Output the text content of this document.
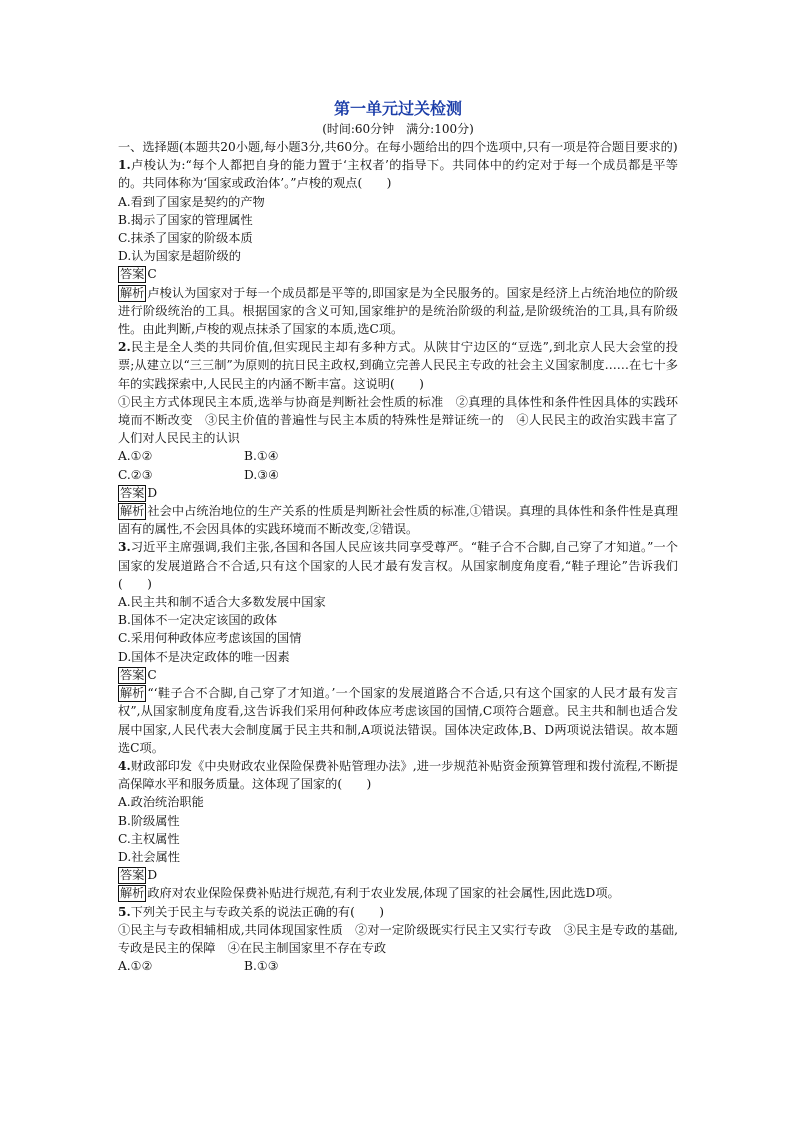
第一单元过关检测
(时间:60分钟　满分:100分)

一、选择题(本题共20小题,每小题3分,共60分。在每小题给出的四个选项中,只有一项是符合题目要求的)

1.卢梭认为:“每个人都把自身的能力置于‘主权者’的指导下。共同体中的约定对于每一个成员都是平等的。共同体称为‘国家或政治体’。”卢梭的观点(　　)

A.看到了国家是契约的产物

B.揭示了国家的管理属性

C.抹杀了国家的阶级本质

D.认为国家是超阶级的

答案 C

解析 卢梭认为国家对于每一个成员都是平等的,即国家是为全民服务的。国家是经济上占统治地位的阶级进行阶级统治的工具。根据国家的含义可知,国家维护的是统治阶级的利益,是阶级统治的工具,具有阶级性。由此判断,卢梭的观点抹杀了国家的本质,选C项。

2.民主是全人类的共同价值,但实现民主却有多种方式。从陕甘宁边区的“豆选”,到北京人民大会堂的投票;从建立以“三三制”为原则的抗日民主政权,到确立完善人民民主专政的社会主义国家制度……在七十多年的实践探索中,人民民主的内涵不断丰富。这说明(　　)

①民主方式体现民主本质,选举与协商是判断社会性质的标准　②真理的具体性和条件性因具体的实践环境而不断改变　③民主价值的普遍性与民主本质的特殊性是辩证统一的　④人民民主的政治实践丰富了人们对人民民主的认识

A.①②	B.①④
C.②③	D.③④

答案 D

解析 社会中占统治地位的生产关系的性质是判断社会性质的标准,①错误。真理的具体性和条件性是真理固有的属性,不会因具体的实践环境而不断改变,②错误。

3.习近平主席强调,我们主张,各国和各国人民应该共同享受尊严。“鞋子合不合脚,自己穿了才知道。”一个国家的发展道路合不合适,只有这个国家的人民才最有发言权。从国家制度角度看,“鞋子理论”告诉我们(　　)

A.民主共和制不适合大多数发展中国家

B.国体不一定决定该国的政体

C.采用何种政体应考虑该国的国情

D.国体不是决定政体的唯一因素

答案 C

解析 “‘鞋子合不合脚,自己穿了才知道。’一个国家的发展道路合不合适,只有这个国家的人民才最有发言权”,从国家制度角度看,这告诉我们采用何种政体应考虑该国的国情,C项符合题意。民主共和制也适合发展中国家,人民代表大会制度属于民主共和制,A项说法错误。国体决定政体,B、D两项说法错误。故本题选C项。

4.财政部印发《中央财政农业保险保费补贴管理办法》,进一步规范补贴资金预算管理和拨付流程,不断提高保障水平和服务质量。这体现了国家的(　　)

A.政治统治职能

B.阶级属性

C.主权属性

D.社会属性

答案 D

解析 政府对农业保险保费补贴进行规范,有利于农业发展,体现了国家的社会属性,因此选D项。

5.下列关于民主与专政关系的说法正确的有(　　)

①民主与专政相辅相成,共同体现国家性质　②对一定阶级既实行民主又实行专政　③民主是专政的基础,专政是民主的保障　④在民主制国家里不存在专政

A.①②	B.①③
